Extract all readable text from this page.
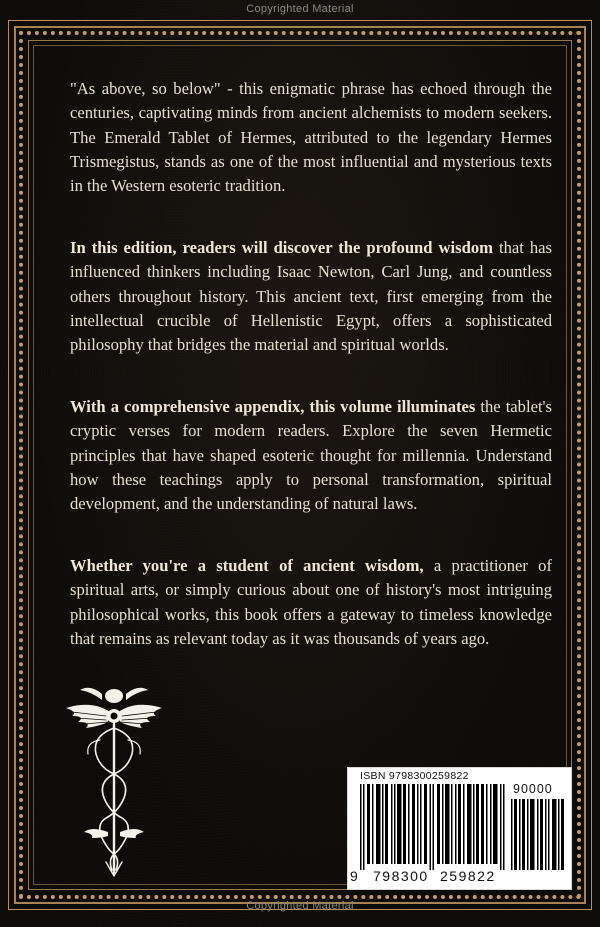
Copyrighted Material

"As above, so below" - this enigmatic phrase has echoed through the centuries, captivating minds from ancient alchemists to modern seekers. The Emerald Tablet of Hermes, attributed to the legendary Hermes Trismegistus, stands as one of the most influential and mysterious texts in the Western esoteric tradition.

In this edition, readers will discover the profound wisdom that has influenced thinkers including Isaac Newton, Carl Jung, and countless others throughout history. This ancient text, first emerging from the intellectual crucible of Hellenistic Egypt, offers a sophisticated philosophy that bridges the material and spiritual worlds.

With a comprehensive appendix, this volume illuminates the tablet's cryptic verses for modern readers. Explore the seven Hermetic principles that have shaped esoteric thought for millennia. Understand how these teachings apply to personal transformation, spiritual development, and the understanding of natural laws.

Whether you're a student of ancient wisdom, a practitioner of spiritual arts, or simply curious about one of history's most intriguing philosophical works, this book offers a gateway to timeless knowledge that remains as relevant today as it was thousands of years ago.

ISBN 9798300259822
90000
9 798300 259822
Copyrighted Material
